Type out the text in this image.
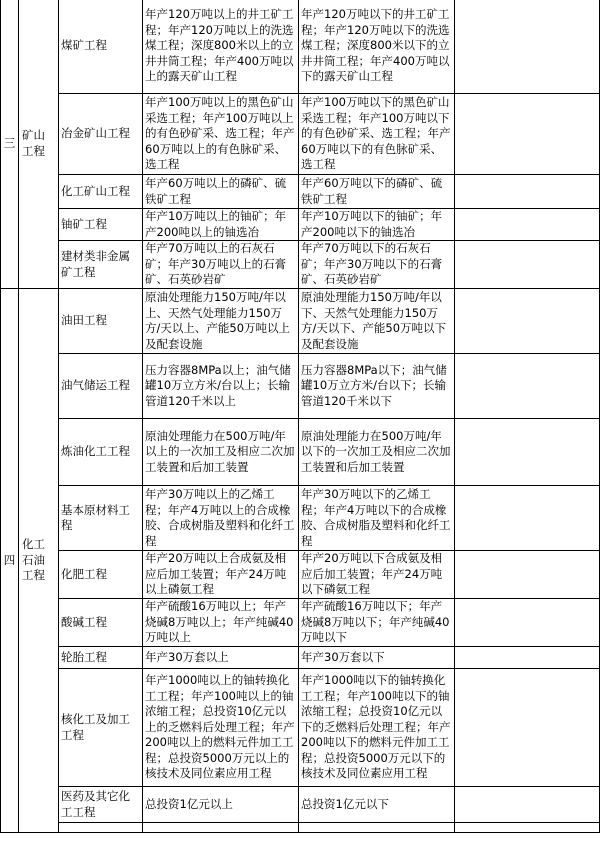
三	矿山工程	煤矿工程	年产120万吨以上的井工矿工程；年产120万吨以上的洗选煤工程；深度800米以上的立井井筒工程；年产400万吨以上的露天矿山工程	年产120万吨以下的井工矿工程；年产120万吨以下的洗选煤工程；深度800米以下的立井井筒工程；年产400万吨以下的露天矿山工程	
		冶金矿山工程	年产100万吨以上的黑色矿山采选工程；年产100万吨以上的有色砂矿采、选工程；年产60万吨以上的有色脉矿采、选工程	年产100万吨以下的黑色矿山采选工程；年产100万吨以下的有色砂矿采、选工程；年产60万吨以下的有色脉矿采、选工程	
		化工矿山工程	年产60万吨以上的磷矿、硫铁矿工程	年产60万吨以下的磷矿、硫铁矿工程	
		铀矿工程	年产10万吨以上的铀矿；年产200吨以上的铀选冶	年产10万吨以下的铀矿；年产200吨以下的铀选冶	
		建材类非金属矿工程	年产70万吨以上的石灰石矿；年产30万吨以上的石膏矿、石英砂岩矿	年产70万吨以下的石灰石矿；年产30万吨以下的石膏矿、石英砂岩矿	
四	化工石油工程	油田工程	原油处理能力150万吨/年以上、天然气处理能力150万方/天以上、产能50万吨以上及配套设施	原油处理能力150万吨/年以下、天然气处理能力150万方/天以下、产能50万吨以下及配套设施	
		油气储运工程	压力容器8MPa以上；油气储罐10万立方米/台以上；长输管道120千米以上	压力容器8MPa以下；油气储罐10万立方米/台以下；长输管道120千米以下	
		炼油化工工程	原油处理能力在500万吨/年以上的一次加工及相应二次加工装置和后加工装置	原油处理能力在500万吨/年以下的一次加工及相应二次加工装置和后加工装置	
		基本原材料工程	年产30万吨以上的乙烯工程；年产4万吨以上的合成橡胶、合成树脂及塑料和化纤工程	年产30万吨以下的乙烯工程；年产4万吨以下的合成橡胶、合成树脂及塑料和化纤工程	
		化肥工程	年产20万吨以上合成氨及相应后加工装置；年产24万吨以上磷氨工程	年产20万吨以下合成氨及相应后加工装置；年产24万吨以下磷氨工程	
		酸碱工程	年产硫酸16万吨以上；年产烧碱8万吨以上；年产纯碱40万吨以上	年产硫酸16万吨以下；年产烧碱8万吨以下；年产纯碱40万吨以下	
		轮胎工程	年产30万套以上	年产30万套以下	
		核化工及加工工程	年产1000吨以上的铀转换化工工程；年产100吨以上的铀浓缩工程；总投资10亿元以上的乏燃料后处理工程；年产200吨以上的燃料元件加工工程；总投资5000万元以上的核技术及同位素应用工程	年产1000吨以下的铀转换化工工程；年产100吨以下的铀浓缩工程；总投资10亿元以下的乏燃料后处理工程；年产200吨以下的燃料元件加工工程；总投资5000万元以下的核技术及同位素应用工程	
		医药及其它化工工程	总投资1亿元以上	总投资1亿元以下	
